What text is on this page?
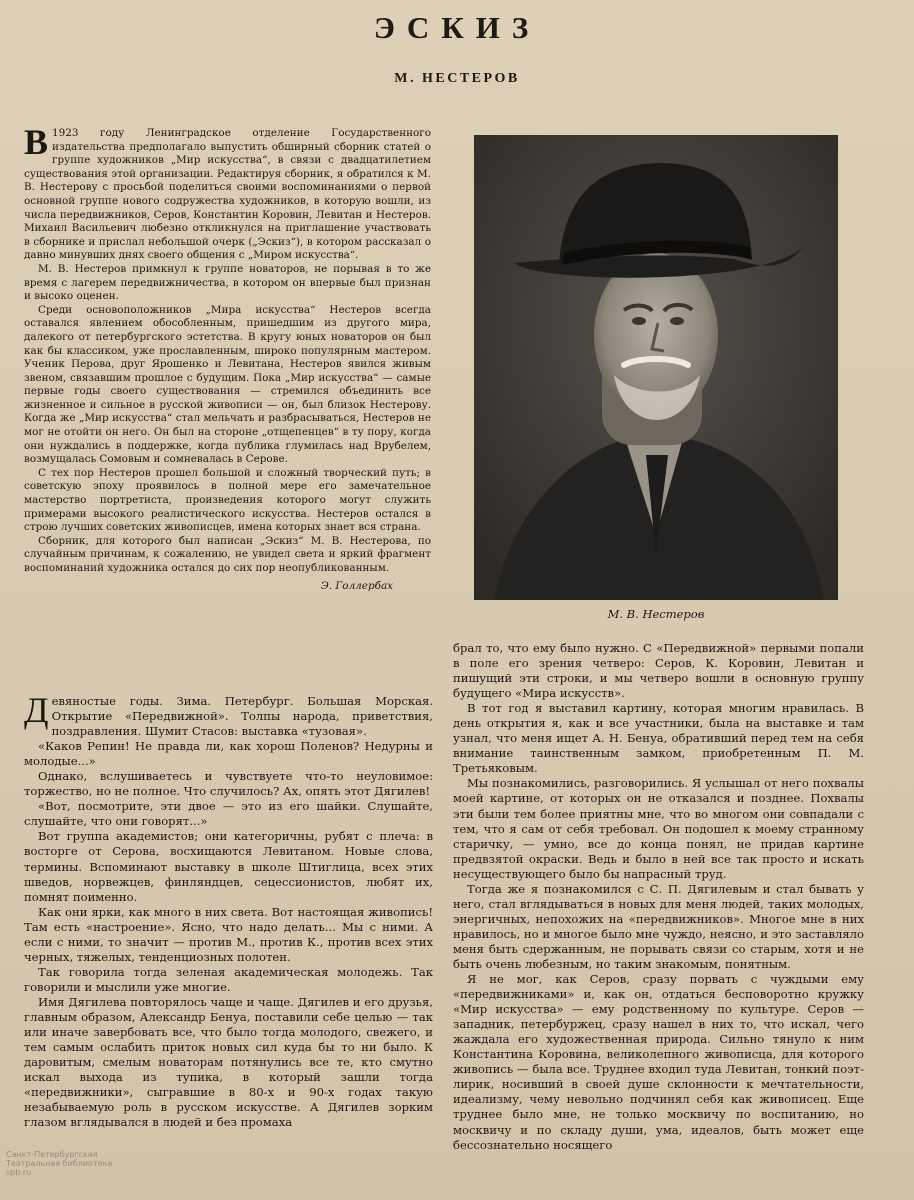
ЭСКИЗ
М. НЕСТЕРОВ

В 1923 году Ленинградское отделение Государственного издательства предполагало выпустить обширный сборник статей о группе художников „Мир искусства“, в связи с двадцатилетием существования этой организации. Редактируя сборник, я обратился к М. В. Нестерову с просьбой поделиться своими воспоминаниями о первой основной группе нового содружества художников, в которую вошли, из числа передвижников, Серов, Константин Коровин, Левитан и Нестеров. Михаил Васильевич любезно откликнулся на приглашение участвовать в сборнике и прислал небольшой очерк („Эскиз“), в котором рассказал о давно минувших днях своего общения с „Миром искусства“.

М. В. Нестеров примкнул к группе новаторов, не порывая в то же время с лагерем передвижничества, в котором он впервые был признан и высоко оценен.

Среди основоположников „Мира искусства“ Нестеров всегда оставался явлением обособленным, пришедшим из другого мира, далекого от петербургского эстетства. В кругу юных новаторов он был как бы классиком, уже прославленным, широко популярным мастером. Ученик Перова, друг Ярошенко и Левитана, Нестеров явился живым звеном, связавшим прошлое с будущим. Пока „Мир искусства“ — самые первые годы своего существования — стремился объединить все жизненное и сильное в русской живописи — он, был близок Нестерову. Когда же „Мир искусства“ стал мельчать и разбрасываться, Нестеров не мог не отойти он него. Он был на стороне „отщепенцев“ в ту пору, когда они нуждались в поддержке, когда публика глумилась над Врубелем, возмущалась Сомовым и сомневалась в Серове.

С тех пор Нестеров прошел большой и сложный творческий путь; в советскую эпоху проявилось в полной мере его замечательное мастерство портретиста, произведения которого могут служить примерами высокого реалистического искусства. Нестеров остался в строю лучших советских живописцев, имена которых знает вся страна.

Сборник, для которого был написан „Эскиз“ М. В. Нестерова, по случайным причинам, к сожалению, не увидел света и яркий фрагмент воспоминаний художника остался до сих пор неопубликованным.

Э. Голлербах
М. В. Нестеров

Девяностые годы. Зима. Петербург. Большая Морская. Открытие «Передвижной». Толпы народа, приветствия, поздравления. Шумит Стасов: выставка «тузовая».

«Каков Репин! Не правда ли, как хорош Поленов? Недурны и молодые...»

Однако, вслушиваетесь и чувствуете что-то неуловимое: торжество, но не полное. Что случилось? Ах, опять этот Дягилев!

«Вот, посмотрите, эти двое — это из его шайки. Слушайте, слушайте, что они говорят...»

Вот группа академистов; они категоричны, рубят с плеча: в восторге от Серова, восхищаются Левитаном. Новые слова, термины. Вспоминают выставку в школе Штиглица, всех этих шведов, норвежцев, финляндцев, сецессионистов, любят их, помнят поименно.

Как они ярки, как много в них света. Вот настоящая живопись! Там есть «настроение». Ясно, что надо делать... Мы с ними. А если с ними, то значит — против М., против К., против всех этих черных, тяжелых, тенденциозных полотен.

Так говорила тогда зеленая академическая молодежь. Так говорили и мыслили уже многие.

Имя Дягилева повторялось чаще и чаще. Дягилев и его друзья, главным образом, Александр Бенуа, поставили себе целью — так или иначе завербовать все, что было тогда молодого, свежего, и тем самым ослабить приток новых сил куда бы то ни было. К даровитым, смелым новаторам потянулись все те, кто смутно искал выхода из тупика, в который зашли тогда «передвижники», сыгравшие в 80-х и 90-х годах такую незабываемую роль в русском искусстве. А Дягилев зорким глазом вглядывался в людей и без промаха

брал то, что ему было нужно. С «Передвижной» первыми попали в поле его зрения четверо: Серов, К. Коровин, Левитан и пишущий эти строки, и мы четверо вошли в основную группу будущего «Мира искусств».

В тот год я выставил картину, которая многим нравилась. В день открытия я, как и все участники, была на выставке и там узнал, что меня ищет А. Н. Бенуа, обративший перед тем на себя внимание таинственным замком, приобретенным П. М. Третьяковым.

Мы познакомились, разговорились. Я услышал от него похвалы моей картине, от которых он не отказался и позднее. Похвалы эти были тем более приятны мне, что во многом они совпадали с тем, что я сам от себя требовал. Он подошел к моему странному старичку, — умно, все до конца понял, не придав картине предвзятой окраски. Ведь и было в ней все так просто и искать несуществующего было бы напрасный труд.

Тогда же я познакомился с С. П. Дягилевым и стал бывать у него, стал вглядываться в новых для меня людей, таких молодых, энергичных, непохожих на «передвижников». Многое мне в них нравилось, но и многое было мне чуждо, неясно, и это заставляло меня быть сдержанным, не порывать связи со старым, хотя и не быть очень любезным, но таким знакомым, понятным.

Я не мог, как Серов, сразу порвать с чуждыми ему «передвижниками» и, как он, отдаться бесповоротно кружку «Мир искусства» — ему родственному по культуре. Серов — западник, петербуржец, сразу нашел в них то, что искал, чего жаждала его художественная природа. Сильно тянуло к ним Константина Коровина, великолепного живописца, для которого живопись — была все. Труднее входил туда Левитан, тонкий поэт-лирик, носивший в своей душе склонности к мечтательности, идеализму, чему невольно подчинял себя как живописец. Еще труднее было мне, не только москвичу по воспитанию, но москвичу и по складу души, ума, идеалов, быть может еще бессознательно носящего

Санкт-Петербургская Театральная библиотека spb.ru
